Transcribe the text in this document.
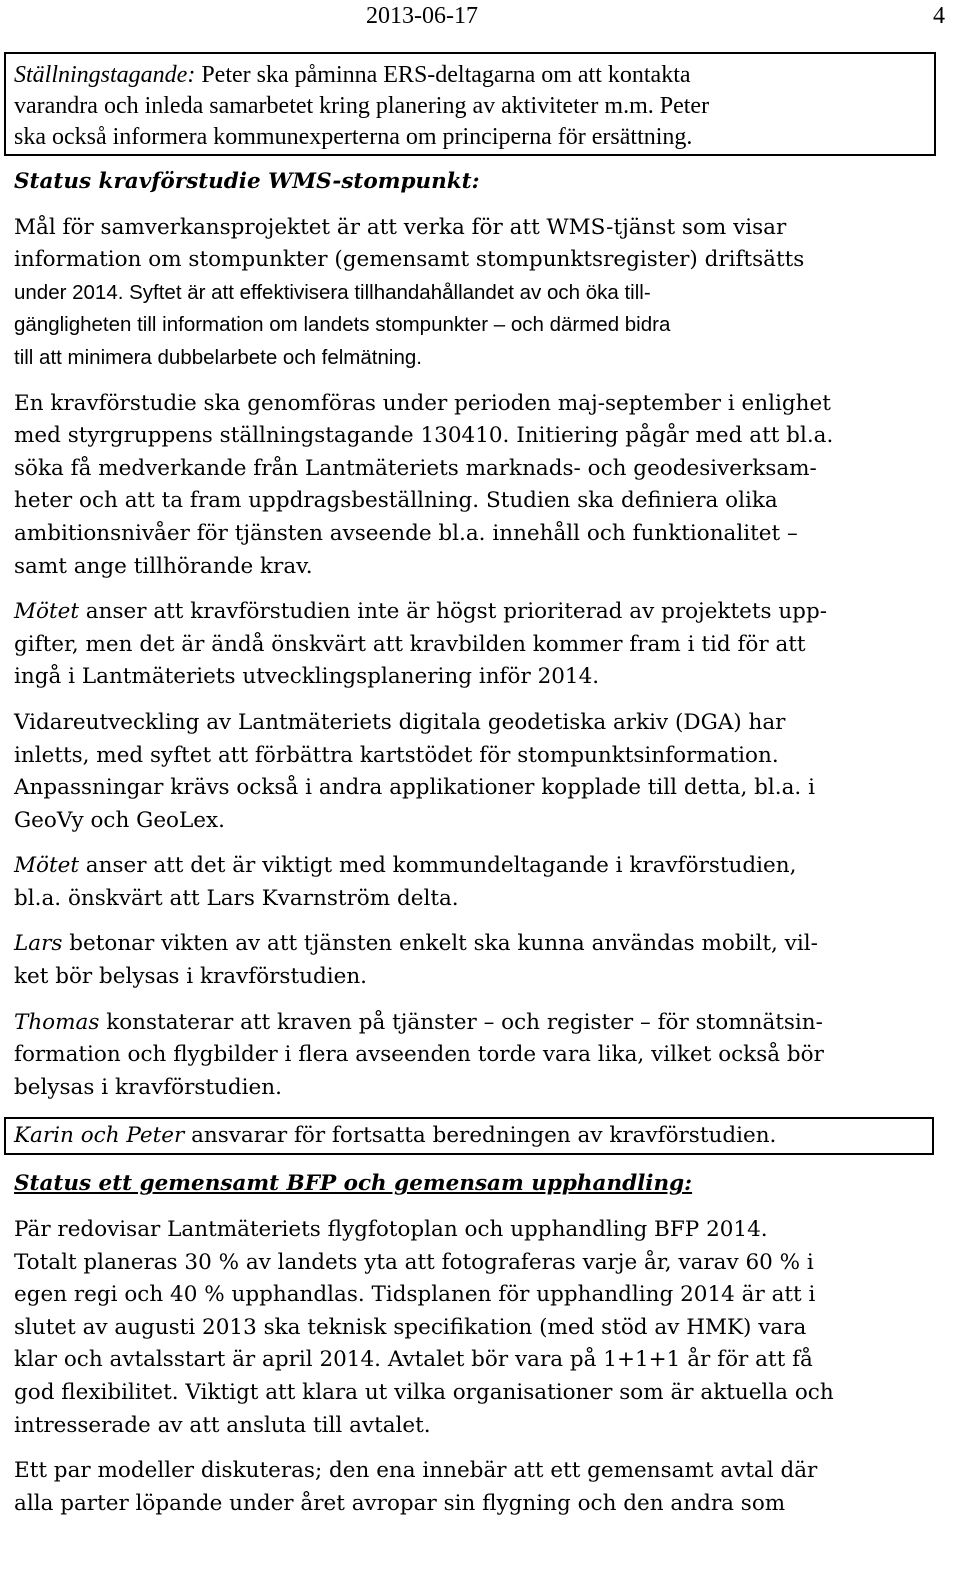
2013-06-17	4
Ställningstagande: Peter ska påminna ERS-deltagarna om att kontakta
varandra och inleda samarbetet kring planering av aktiviteter m.m. Peter
ska också informera kommunexperterna om principerna för ersättning.

Status kravförstudie WMS-stompunkt:

Mål för samverkansprojektet är att verka för att WMS-tjänst som visar
information om stompunkter (gemensamt stompunktsregister) driftsätts
under 2014. Syftet är att effektivisera tillhandahållandet av och öka till-
gängligheten till information om landets stompunkter – och därmed bidra
till att minimera dubbelarbete och felmätning.

En kravförstudie ska genomföras under perioden maj-september i enlighet
med styrgruppens ställningstagande 130410. Initiering pågår med att bl.a.
söka få medverkande från Lantmäteriets marknads- och geodesiverksam-
heter och att ta fram uppdragsbeställning. Studien ska definiera olika
ambitionsnivåer för tjänsten avseende bl.a. innehåll och funktionalitet –
samt ange tillhörande krav.

Mötet anser att kravförstudien inte är högst prioriterad av projektets upp-
gifter, men det är ändå önskvärt att kravbilden kommer fram i tid för att
ingå i Lantmäteriets utvecklingsplanering inför 2014.

Vidareutveckling av Lantmäteriets digitala geodetiska arkiv (DGA) har
inletts, med syftet att förbättra kartstödet för stompunktsinformation.
Anpassningar krävs också i andra applikationer kopplade till detta, bl.a. i
GeoVy och GeoLex.

Mötet anser att det är viktigt med kommundeltagande i kravförstudien,
bl.a. önskvärt att Lars Kvarnström delta.

Lars betonar vikten av att tjänsten enkelt ska kunna användas mobilt, vil-
ket bör belysas i kravförstudien.

Thomas konstaterar att kraven på tjänster – och register – för stomnätsin-
formation och flygbilder i flera avseenden torde vara lika, vilket också bör
belysas i kravförstudien.

Karin och Peter ansvarar för fortsatta beredningen av kravförstudien.

Status ett gemensamt BFP och gemensam upphandling:

Pär redovisar Lantmäteriets flygfotoplan och upphandling BFP 2014.
Totalt planeras 30 % av landets yta att fotograferas varje år, varav 60 % i
egen regi och 40 % upphandlas. Tidsplanen för upphandling 2014 är att i
slutet av augusti 2013 ska teknisk specifikation (med stöd av HMK) vara
klar och avtalsstart är april 2014. Avtalet bör vara på 1+1+1 år för att få
god flexibilitet. Viktigt att klara ut vilka organisationer som är aktuella och
intresserade av att ansluta till avtalet.

Ett par modeller diskuteras; den ena innebär att ett gemensamt avtal där
alla parter löpande under året avropar sin flygning och den andra som
